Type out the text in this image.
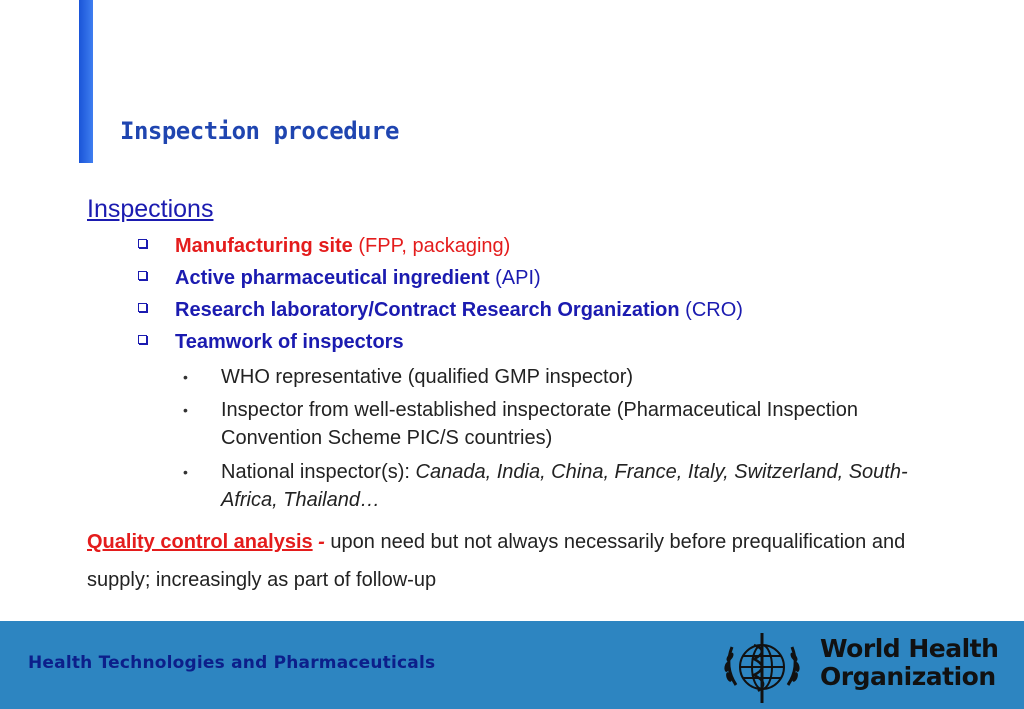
Inspection procedure
Inspections
Manufacturing site (FPP, packaging)
Active pharmaceutical ingredient (API)
Research laboratory/Contract Research Organization (CRO)
Teamwork of inspectors
• WHO representative (qualified GMP inspector)
• Inspector from well-established inspectorate (Pharmaceutical Inspection Convention Scheme PIC/S countries)
• National inspector(s): Canada, India, China, France, Italy, Switzerland, South-Africa, Thailand…
Quality control analysis - upon need but not always necessarily before prequalification and supply; increasingly as part of follow-up
Health Technologies and Pharmaceuticals	World Health
Organization
